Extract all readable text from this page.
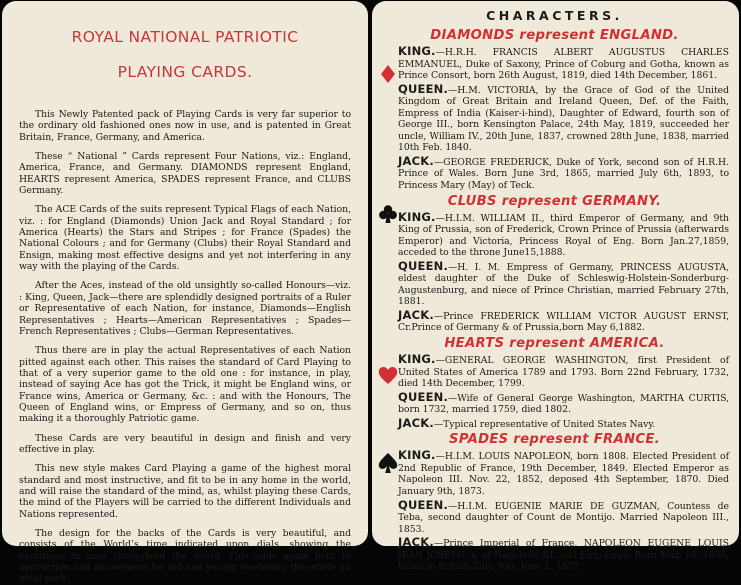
ROYAL NATIONAL PATRIOTIC
PLAYING CARDS.

This Newly Patented pack of Playing Cards is very far superior to the ordinary old fashioned ones now in use, and is patented in Great Britain, France, Germany, and America.

These “ National ” Cards represent Four Nations, viz.: England, America, France, and Germany. DIAMONDS represent England, HEARTS represent America, SPADES represent France, and CLUBS Germany.

The ACE Cards of the suits represent Typical Flags of each Nation, viz. : for England (Diamonds) Union Jack and Royal Standard ; for America (Hearts) the Stars and Stripes ; for France (Spades) the National Colours ; and for Germany (Clubs) their Royal Standard and Ensign, making most effective designs and yet not interfering in any way with the playing of the Cards.

After the Aces, instead of the old unsightly so-called Honours—viz. : King, Queen, Jack—there are splendidly designed portraits of a Ruler or Representative of each Nation, for instance, Diamonds—English Representatives ; Hearts—American Representatives ; Spades—French Representatives ; Clubs—German Representatives.

Thus there are in play the actual Representatives of each Nation pitted against each other. This raises the standard of Card Playing to that of a very superior game to the old one : for instance, in play, instead of saying Ace has got the Trick, it might be England wins, or France wins, America or Germany, &c. : and with the Honours, The Queen of England wins, or Empress of Germany, and so on, thus making it a thoroughly Patriotic game.

These Cards are very beautiful in design and finish and very effective in play.

This new style makes Card Playing a game of the highest moral standard and most instructive, and fit to be in any home in the world, and will raise the standard of the mind, as, whilst playing these Cards, the mind of the Players will be carried to the different Individuals and Nations represented.

The design for the backs of the Cards is very beautiful, and consists of the World’s time indicated upon dials, showing the variations in time throughout the world. This adds again both to instruction and amusement for old and young, rendering the whole an ideal pack.

CHARACTERS.
DIAMONDS represent ENGLAND.

KING.—H.R.H. FRANCIS ALBERT AUGUSTUS CHARLES EMMANUEL, Duke of Saxony, Prince of Coburg and Gotha, known as Prince Consort, born 26th August, 1819, died 14th December, 1861.

QUEEN.—H.M. VICTORIA, by the Grace of God of the United Kingdom of Great Britain and Ireland Queen, Def. of the Faith, Empress of India (Kaiser-i-hind), Daughter of Edward, fourth son of George III., born Kensington Palace, 24th May, 1819, succeeded her uncle, William IV., 20th June, 1837, crowned 28th June, 1838, married 10th Feb. 1840.

JACK.—GEORGE FREDERICK, Duke of York, second son of H.R.H. Prince of Wales. Born June 3rd, 1865, married July 6th, 1893, to Princess Mary (May) of Teck.

CLUBS represent GERMANY.

KING.—H.I.M. WILLIAM II., third Emperor of Germany, and 9th King of Prussia, son of Frederick, Crown Prince of Prussia (afterwards Emperor) and Victoria, Princess Royal of Eng. Born Jan.27,1859, acceded to the throne June15,1888.

QUEEN.—H. I. M. Empress of Germany, PRINCESS AUGUSTA, eldest daughter of the Duke of Schleswig-Holstein-Sonderburg-Augustenburg, and niece of Prince Christian, married February 27th, 1881.

JACK.—Prince FREDERICK WILLIAM VICTOR AUGUST ERNST, Cr.Prince of Germany & of Prussia,born May 6,1882.

HEARTS represent AMERICA.

KING.—GENERAL GEORGE WASHINGTON, first President of United States of America 1789 and 1793. Born 22nd February, 1732, died 14th December, 1799.

QUEEN.—Wife of General George Washington, MARTHA CURTIS, born 1732, married 1759, died 1802.

JACK.—Typical representative of United States Navy.

SPADES represent FRANCE.

KING.—H.I.M. LOUIS NAPOLEON, born 1808. Elected President of 2nd Republic of France, 19th December, 1849. Elected Emperor as Napoleon III. Nov. 22, 1852, deposed 4th September, 1870. Died January 9th, 1873.

QUEEN.—H.I.M. EUGENIE MARIE DE GUZMAN, Countess de Teba, second daughter of Count de Montijo. Married Napoleon III., 1853.

JACK.—Prince Imperial of France, NAPOLEON EUGENE LOUIS JEAN JOSEPH, s. of Napoleon III. and Emp.Euge. Born Mar. 16, 1856, killed in British-Zulu War, June 1, 1879.
